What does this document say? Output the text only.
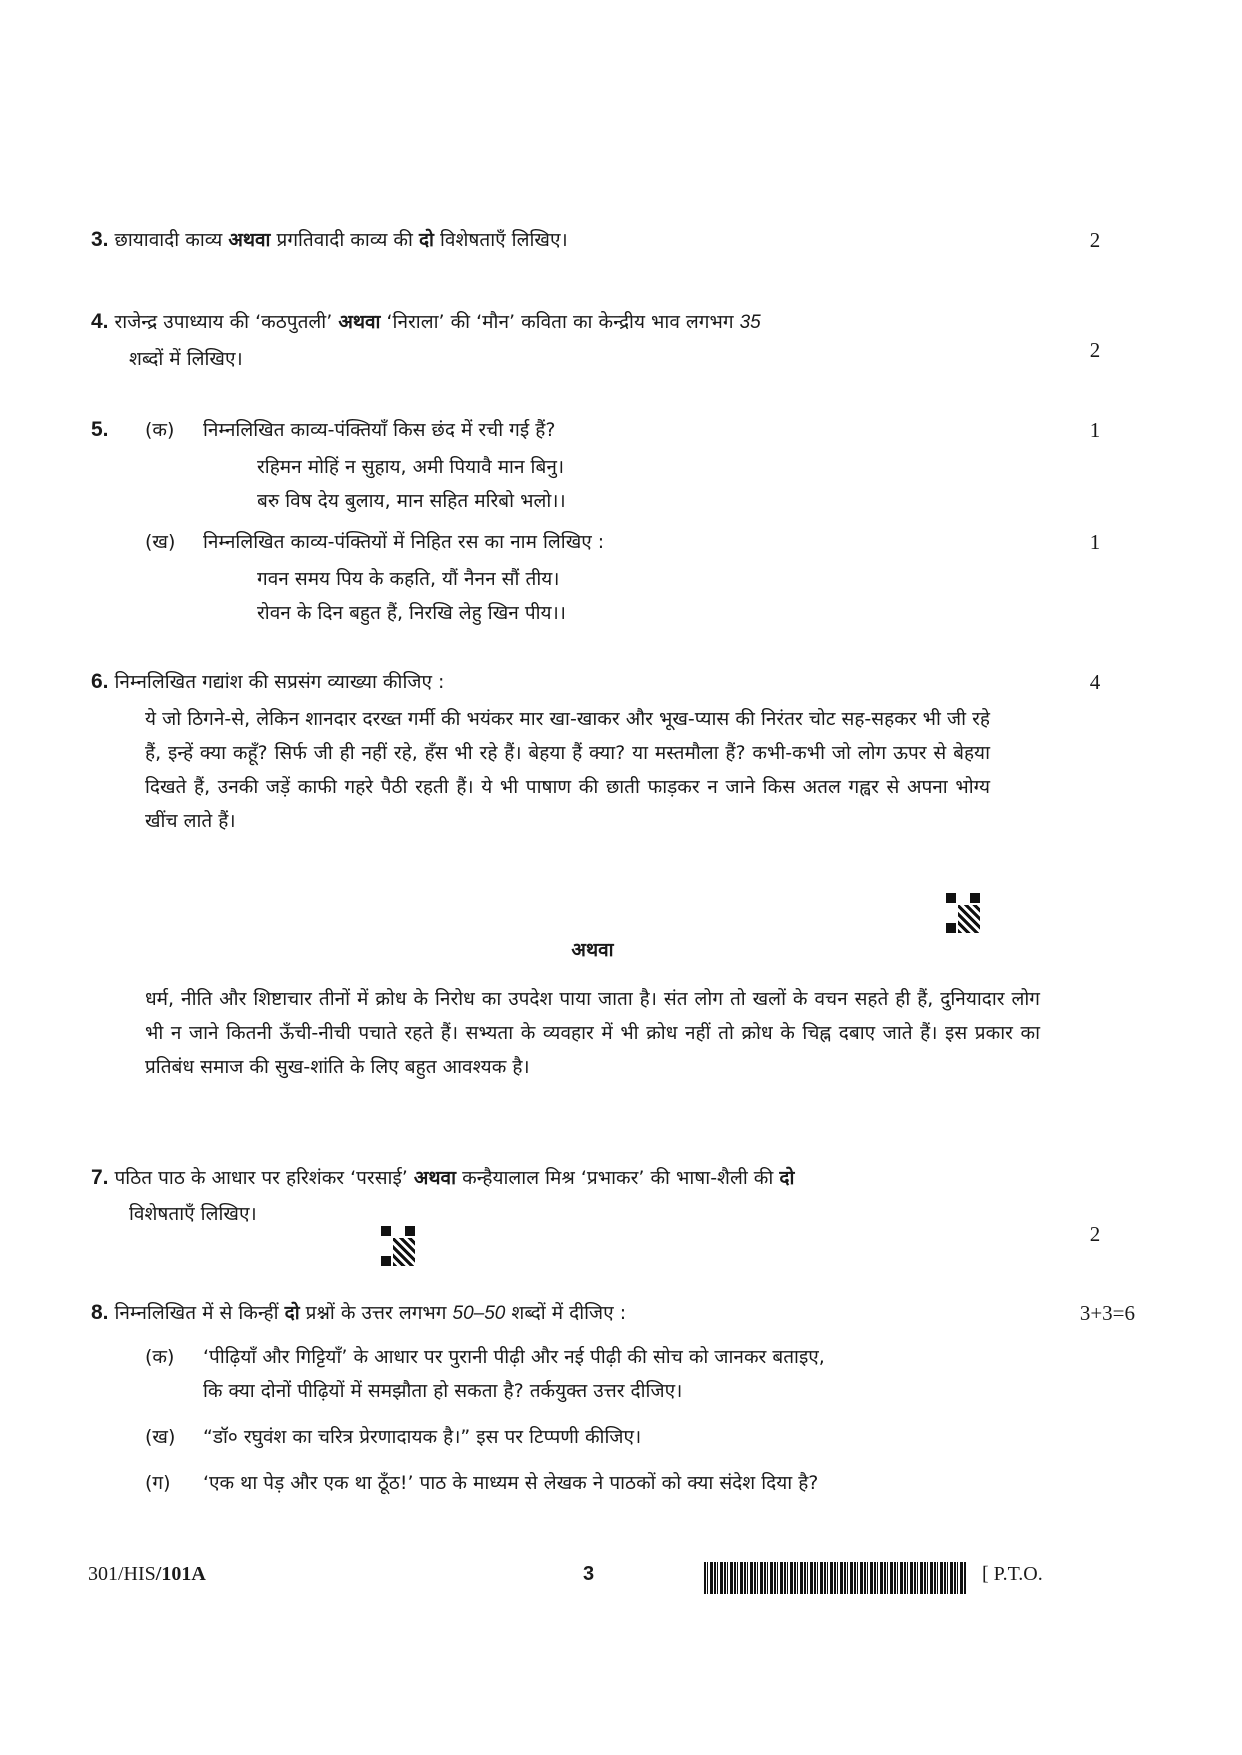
3. छायावादी काव्य अथवा प्रगतिवादी काव्य की दो विशेषताएँ लिखिए।	2
4. राजेन्द्र उपाध्याय की ‘कठपुतली’ अथवा ‘निराला’ की ‘मौन’ कविता का केन्द्रीय भाव लगभग 35
शब्दों में लिखिए।	2
5.	(क) निम्नलिखित काव्य-पंक्तियाँ किस छंद में रची गई हैं?	1
रहिमन मोहिं न सुहाय, अमी पियावै मान बिनु।
बरु विष देय बुलाय, मान सहित मरिबो भलो।।
(ख) निम्नलिखित काव्य-पंक्तियों में निहित रस का नाम लिखिए :	1
गवन समय पिय के कहति, यौं नैनन सौं तीय।
रोवन के दिन बहुत हैं, निरखि लेहु खिन पीय।।
6. निम्नलिखित गद्यांश की सप्रसंग व्याख्या कीजिए :	4
ये जो ठिगने-से, लेकिन शानदार दरख्त गर्मी की भयंकर मार खा-खाकर और भूख-प्यास की निरंतर चोट सह-सहकर भी जी रहे हैं, इन्हें क्या कहूँ? सिर्फ जी ही नहीं रहे, हँस भी रहे हैं। बेहया हैं क्या? या मस्तमौला हैं? कभी-कभी जो लोग ऊपर से बेहया दिखते हैं, उनकी जड़ें काफी गहरे पैठी रहती हैं। ये भी पाषाण की छाती फाड़कर न जाने किस अतल गह्वर से अपना भोग्य खींच लाते हैं।
अथवा
धर्म, नीति और शिष्टाचार तीनों में क्रोध के निरोध का उपदेश पाया जाता है। संत लोग तो खलों के वचन सहते ही हैं, दुनियादार लोग भी न जाने कितनी ऊँची-नीची पचाते रहते हैं। सभ्यता के व्यवहार में भी क्रोध नहीं तो क्रोध के चिह्न दबाए जाते हैं। इस प्रकार का प्रतिबंध समाज की सुख-शांति के लिए बहुत आवश्यक है।
7. पठित पाठ के आधार पर हरिशंकर ‘परसाई’ अथवा कन्हैयालाल मिश्र ‘प्रभाकर’ की भाषा-शैली की दो
विशेषताएँ लिखिए।
2
8. निम्नलिखित में से किन्हीं दो प्रश्नों के उत्तर लगभग 50–50 शब्दों में दीजिए :	3+3=6
(क) ‘पीढ़ियाँ और गिट्टियाँ’ के आधार पर पुरानी पीढ़ी और नई पीढ़ी की सोच को जानकर बताइए,
कि क्या दोनों पीढ़ियों में समझौता हो सकता है? तर्कयुक्त उत्तर दीजिए।
(ख) “डॉ० रघुवंश का चरित्र प्रेरणादायक है।” इस पर टिप्पणी कीजिए।
(ग) ‘एक था पेड़ और एक था ठूँठ!’ पाठ के माध्यम से लेखक ने पाठकों को क्या संदेश दिया है?
301/HIS/101A	3	[ P.T.O.
